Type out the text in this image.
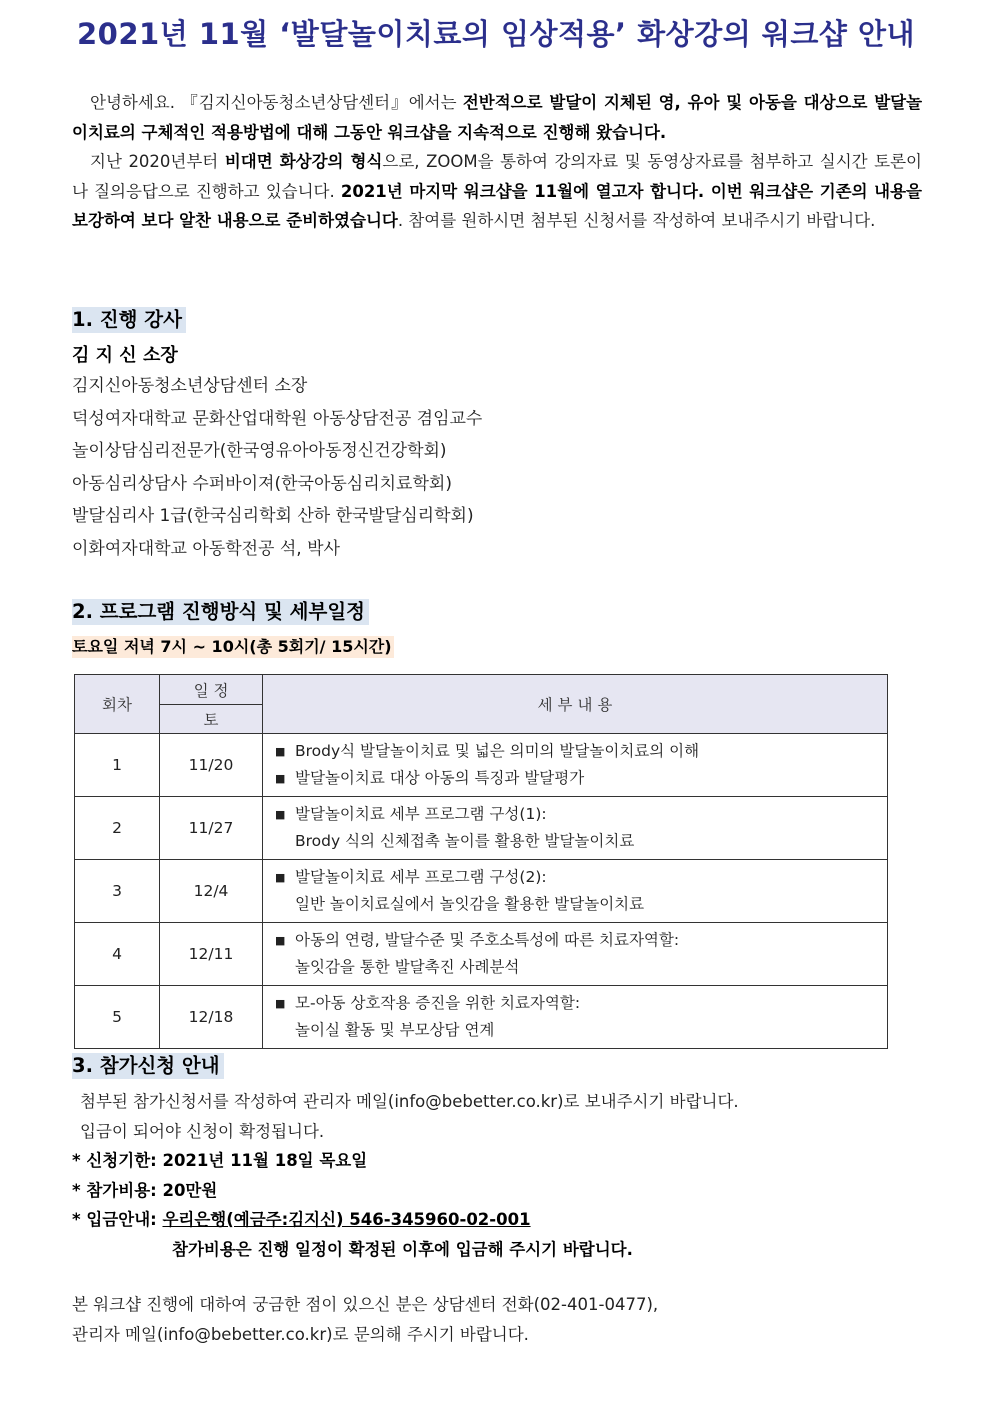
2021년 11월 ‘발달놀이치료의 임상적용’ 화상강의 워크샵 안내

안녕하세요. 『김지신아동청소년상담센터』에서는 전반적으로 발달이 지체된 영, 유아 및 아동을 대상으로 발달놀이치료의 구체적인 적용방법에 대해 그동안 워크샵을 지속적으로 진행해 왔습니다.

지난 2020년부터 비대면 화상강의 형식으로, ZOOM을 통하여 강의자료 및 동영상자료를 첨부하고 실시간 토론이나 질의응답으로 진행하고 있습니다. 2021년 마지막 워크샵을 11월에 열고자 합니다. 이번 워크샵은 기존의 내용을 보강하여 보다 알찬 내용으로 준비하였습니다. 참여를 원하시면 첨부된 신청서를 작성하여 보내주시기 바랍니다.

1. 진행 강사
김 지 신 소장
김지신아동청소년상담센터 소장
덕성여자대학교 문화산업대학원 아동상담전공 겸임교수
놀이상담심리전문가(한국영유아아동정신건강학회)
아동심리상담사 수퍼바이져(한국아동심리치료학회)
발달심리사 1급(한국심리학회 산하 한국발달심리학회)
이화여자대학교 아동학전공 석, 박사
2. 프로그램 진행방식 및 세부일정
토요일 저녁 7시 ~ 10시(총 5회기/ 15시간)
회차	일 정	세 부 내 용
	토	
1	11/20	■ Brody식 발달놀이치료 및 넓은 의미의 발달놀이치료의 이해
■ 발달놀이치료 대상 아동의 특징과 발달평가

2	11/27	■ 발달놀이치료 세부 프로그램 구성(1):
Brody 식의 신체접촉 놀이를 활용한 발달놀이치료

3	12/4	■ 발달놀이치료 세부 프로그램 구성(2):
일반 놀이치료실에서 놀잇감을 활용한 발달놀이치료

4	12/11	■ 아동의 연령, 발달수준 및 주호소특성에 따른 치료자역할:
놀잇감을 통한 발달촉진 사례분석

5	12/18	■ 모-아동 상호작용 증진을 위한 치료자역할:
놀이실 활동 및 부모상담 연계
3. 참가신청 안내
첨부된 참가신청서를 작성하여 관리자 메일(info@bebetter.co.kr)로 보내주시기 바랍니다.
입금이 되어야 신청이 확정됩니다.
* 신청기한: 2021년 11월 18일 목요일
* 참가비용: 20만원
* 입금안내: 우리은행(예금주:김지신) 546-345960-02-001
참가비용은 진행 일정이 확정된 이후에 입금해 주시기 바랍니다.
본 워크샵 진행에 대하여 궁금한 점이 있으신 분은 상담센터 전화(02-401-0477),
관리자 메일(info@bebetter.co.kr)로 문의해 주시기 바랍니다.
